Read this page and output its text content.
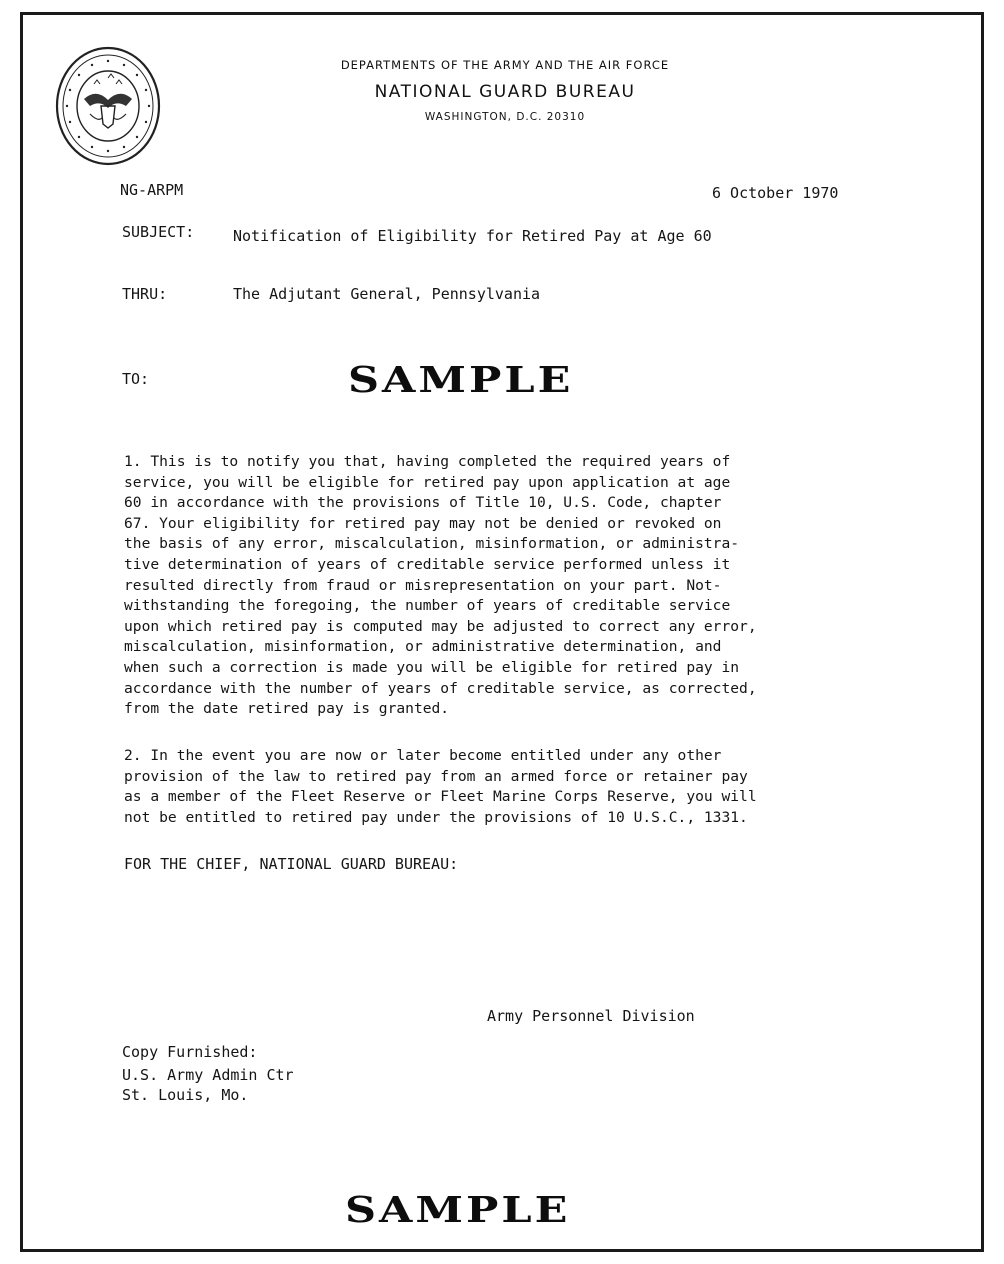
DEPARTMENTS OF THE ARMY AND THE AIR FORCE
NATIONAL GUARD BUREAU
WASHINGTON, D.C. 20310
NG-ARPM	6 October 1970
SUBJECT:	Notification of Eligibility for Retired Pay at Age 60
THRU:	The Adjutant General, Pennsylvania
TO:	SAMPLE

1. This is to notify you that, having completed the required years of
service, you will be eligible for retired pay upon application at age
60 in accordance with the provisions of Title 10, U.S. Code, chapter
67. Your eligibility for retired pay may not be denied or revoked on
the basis of any error, miscalculation, misinformation, or administra-
tive determination of years of creditable service performed unless it
resulted directly from fraud or misrepresentation on your part. Not-
withstanding the foregoing, the number of years of creditable service
upon which retired pay is computed may be adjusted to correct any error,
miscalculation, misinformation, or administrative determination, and
when such a correction is made you will be eligible for retired pay in
accordance with the number of years of creditable service, as corrected,
from the date retired pay is granted.

2. In the event you are now or later become entitled under any other
provision of the law to retired pay from an armed force or retainer pay
as a member of the Fleet Reserve or Fleet Marine Corps Reserve, you will
not be entitled to retired pay under the provisions of 10 U.S.C., 1331.

FOR THE CHIEF, NATIONAL GUARD BUREAU:
Army Personnel Division
Copy Furnished:
U.S. Army Admin Ctr
St. Louis, Mo.
SAMPLE
